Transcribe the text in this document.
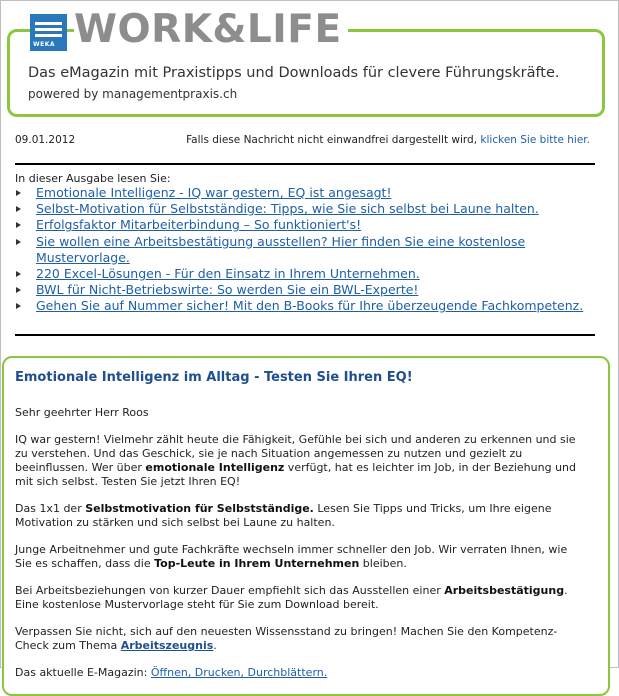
WEKA WORK&LIFE
Das eMagazin mit Praxistipps und Downloads für clevere Führungskräfte.
powered by managementpraxis.ch
09.01.2012	Falls diese Nachricht nicht einwandfrei dargestellt wird, klicken Sie bitte hier.
In dieser Ausgabe lesen Sie:
Emotionale Intelligenz - IQ war gestern, EQ ist angesagt!
Selbst-Motivation für Selbstständige: Tipps, wie Sie sich selbst bei Laune halten.
Erfolgsfaktor Mitarbeiterbindung – So funktioniert's!
Sie wollen eine Arbeitsbestätigung ausstellen? Hier finden Sie eine kostenlose Mustervorlage.
220 Excel-Lösungen - Für den Einsatz in Ihrem Unternehmen.
BWL für Nicht-Betriebswirte: So werden Sie ein BWL-Experte!
Gehen Sie auf Nummer sicher! Mit den B-Books für Ihre überzeugende Fachkompetenz.
Emotionale Intelligenz im Alltag - Testen Sie Ihren EQ!

Sehr geehrter Herr Roos

IQ war gestern! Vielmehr zählt heute die Fähigkeit, Gefühle bei sich und anderen zu erkennen und sie zu verstehen. Und das Geschick, sie je nach Situation angemessen zu nutzen und gezielt zu beeinflussen. Wer über emotionale Intelligenz verfügt, hat es leichter im Job, in der Beziehung und mit sich selbst. Testen Sie jetzt Ihren EQ!

Das 1x1 der Selbstmotivation für Selbstständige. Lesen Sie Tipps und Tricks, um Ihre eigene Motivation zu stärken und sich selbst bei Laune zu halten.

Junge Arbeitnehmer und gute Fachkräfte wechseln immer schneller den Job. Wir verraten Ihnen, wie Sie es schaffen, dass die Top-Leute in Ihrem Unternehmen bleiben.

Bei Arbeitsbeziehungen von kurzer Dauer empfiehlt sich das Ausstellen einer Arbeitsbestätigung. Eine kostenlose Mustervorlage steht für Sie zum Download bereit.

Verpassen Sie nicht, sich auf den neuesten Wissensstand zu bringen! Machen Sie den Kompetenz-Check zum Thema Arbeitszeugnis.

Das aktuelle E-Magazin: Öffnen, Drucken, Durchblättern.
